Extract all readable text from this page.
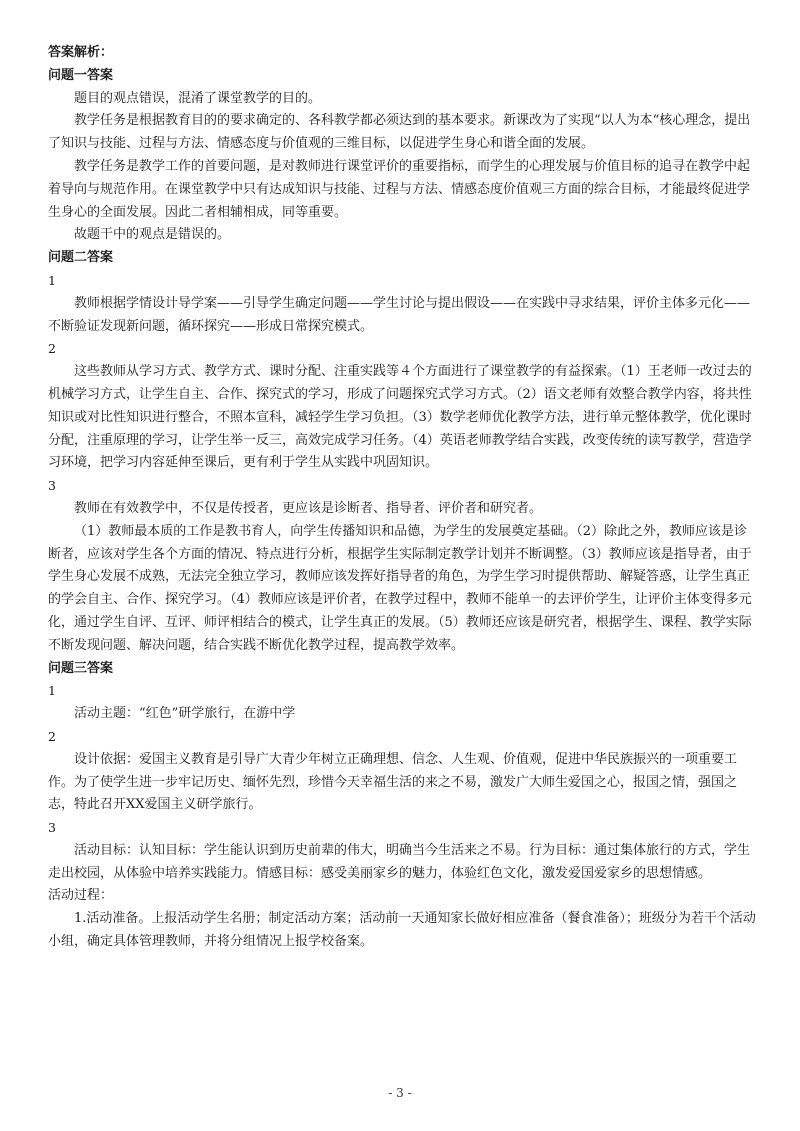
答案解析：

问题一答案

题目的观点错误，混淆了课堂教学的目的。

教学任务是根据教育目的的要求确定的、各科教学都必须达到的基本要求。新课改为了实现“以人为本“核心理念，提出了知识与技能、过程与方法、情感态度与价值观的三维目标，以促进学生身心和谐全面的发展。

教学任务是教学工作的首要问题，是对教师进行课堂评价的重要指标，而学生的心理发展与价值目标的追寻在教学中起着导向与规范作用。在课堂教学中只有达成知识与技能、过程与方法、情感态度价值观三方面的综合目标，才能最终促进学生身心的全面发展。因此二者相辅相成，同等重要。

故题干中的观点是错误的。

问题二答案

1

教师根据学情设计导学案——引导学生确定问题——学生讨论与提出假设——在实践中寻求结果，评价主体多元化——不断验证发现新问题，循环探究——形成日常探究模式。

2

这些教师从学习方式、教学方式、课时分配、注重实践等４个方面进行了课堂教学的有益探索。（1）王老师一改过去的机械学习方式，让学生自主、合作、探究式的学习，形成了问题探究式学习方式。（2）语文老师有效整合教学内容，将共性知识或对比性知识进行整合，不照本宣科，减轻学生学习负担。（3）数学老师优化教学方法，进行单元整体教学，优化课时分配，注重原理的学习，让学生举一反三，高效完成学习任务。（4）英语老师教学结合实践，改变传统的读写教学，营造学习环境，把学习内容延伸至课后，更有利于学生从实践中巩固知识。

3

教师在有效教学中，不仅是传授者，更应该是诊断者、指导者、评价者和研究者。

（1）教师最本质的工作是教书育人，向学生传播知识和品德，为学生的发展奠定基础。（2）除此之外，教师应该是诊断者，应该对学生各个方面的情况、特点进行分析，根据学生实际制定教学计划并不断调整。（3）教师应该是指导者，由于学生身心发展不成熟，无法完全独立学习，教师应该发挥好指导者的角色，为学生学习时提供帮助、解疑答惑，让学生真正的学会自主、合作、探究学习。（4）教师应该是评价者，在教学过程中，教师不能单一的去评价学生，让评价主体变得多元化，通过学生自评、互评、师评相结合的模式，让学生真正的发展。（5）教师还应该是研究者，根据学生、课程、教学实际不断发现问题、解决问题，结合实践不断优化教学过程，提高教学效率。

问题三答案

1

活动主题：“红色”研学旅行，在游中学

2

设计依据：爱国主义教育是引导广大青少年树立正确理想、信念、人生观、价值观，促进中华民族振兴的一项重要工作。为了使学生进一步牢记历史、缅怀先烈，珍惜今天幸福生活的来之不易，激发广大师生爱国之心，报国之情，强国之志，特此召开XX爱国主义研学旅行。

3

活动目标：认知目标：学生能认识到历史前辈的伟大，明确当今生活来之不易。行为目标：通过集体旅行的方式，学生走出校园，从体验中培养实践能力。情感目标：感受美丽家乡的魅力，体验红色文化，激发爱国爱家乡的思想情感。

活动过程：

1.活动准备。上报活动学生名册；制定活动方案；活动前一天通知家长做好相应准备（餐食准备）；班级分为若干个活动小组，确定具体管理教师，并将分组情况上报学校备案。

- 3 -
